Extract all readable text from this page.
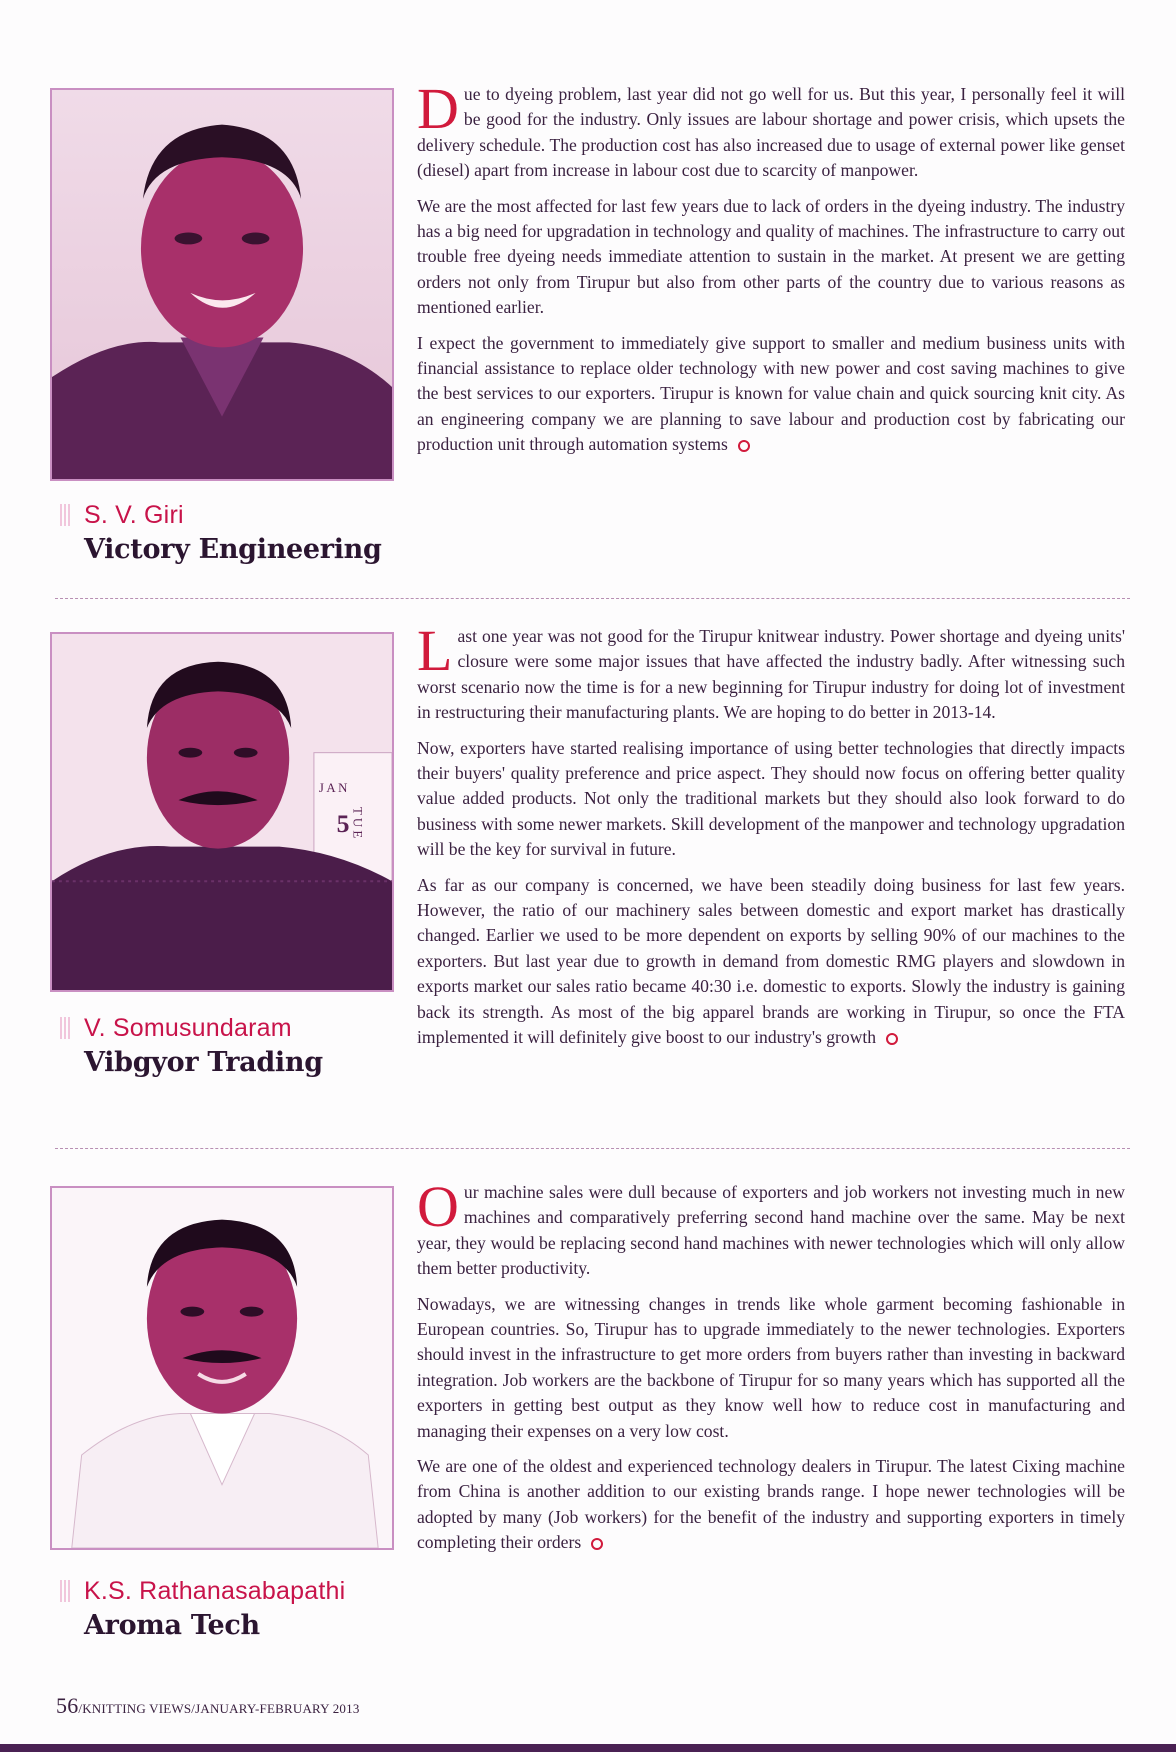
S. V. Giri
Victory Engineering

Due to dyeing problem, last year did not go well for us. But this year, I personally feel it will be good for the industry. Only issues are labour shortage and power crisis, which upsets the delivery schedule. The production cost has also increased due to usage of external power like genset (diesel) apart from increase in labour cost due to scarcity of manpower.

We are the most affected for last few years due to lack of orders in the dyeing industry. The industry has a big need for upgradation in technology and quality of machines. The infrastructure to carry out trouble free dyeing needs immediate attention to sustain in the market. At present we are getting orders not only from Tirupur but also from other parts of the country due to various reasons as mentioned earlier.

I expect the government to immediately give support to smaller and medium business units with financial assistance to replace older technology with new power and cost saving machines to give the best services to our exporters. Tirupur is known for value chain and quick sourcing knit city. As an engineering company we are planning to save labour and production cost by fabricating our production unit through automation systems

J A N
5 T U E
V. Somusundaram
Vibgyor Trading

Last one year was not good for the Tirupur knitwear industry. Power shortage and dyeing units' closure were some major issues that have affected the industry badly. After witnessing such worst scenario now the time is for a new beginning for Tirupur industry for doing lot of investment in restructuring their manufacturing plants. We are hoping to do better in 2013-14.

Now, exporters have started realising importance of using better technologies that directly impacts their buyers' quality preference and price aspect. They should now focus on offering better quality value added products. Not only the traditional markets but they should also look forward to do business with some newer markets. Skill development of the manpower and technology upgradation will be the key for survival in future.

As far as our company is concerned, we have been steadily doing business for last few years. However, the ratio of our machinery sales between domestic and export market has drastically changed. Earlier we used to be more dependent on exports by selling 90% of our machines to the exporters. But last year due to growth in demand from domestic RMG players and slowdown in exports market our sales ratio became 40:30 i.e. domestic to exports. Slowly the industry is gaining back its strength. As most of the big apparel brands are working in Tirupur, so once the FTA implemented it will definitely give boost to our industry's growth

K.S. Rathanasabapathi
Aroma Tech

Our machine sales were dull because of exporters and job workers not investing much in new machines and comparatively preferring second hand machine over the same. May be next year, they would be replacing second hand machines with newer technologies which will only allow them better productivity.

Nowadays, we are witnessing changes in trends like whole garment becoming fashionable in European countries. So, Tirupur has to upgrade immediately to the newer technologies. Exporters should invest in the infrastructure to get more orders from buyers rather than investing in backward integration. Job workers are the backbone of Tirupur for so many years which has supported all the exporters in getting best output as they know well how to reduce cost in manufacturing and managing their expenses on a very low cost.

We are one of the oldest and experienced technology dealers in Tirupur. The latest Cixing machine from China is another addition to our existing brands range. I hope newer technologies will be adopted by many (Job workers) for the benefit of the industry and supporting exporters in timely completing their orders

56/KNITTING VIEWS/JANUARY-FEBRUARY 2013
